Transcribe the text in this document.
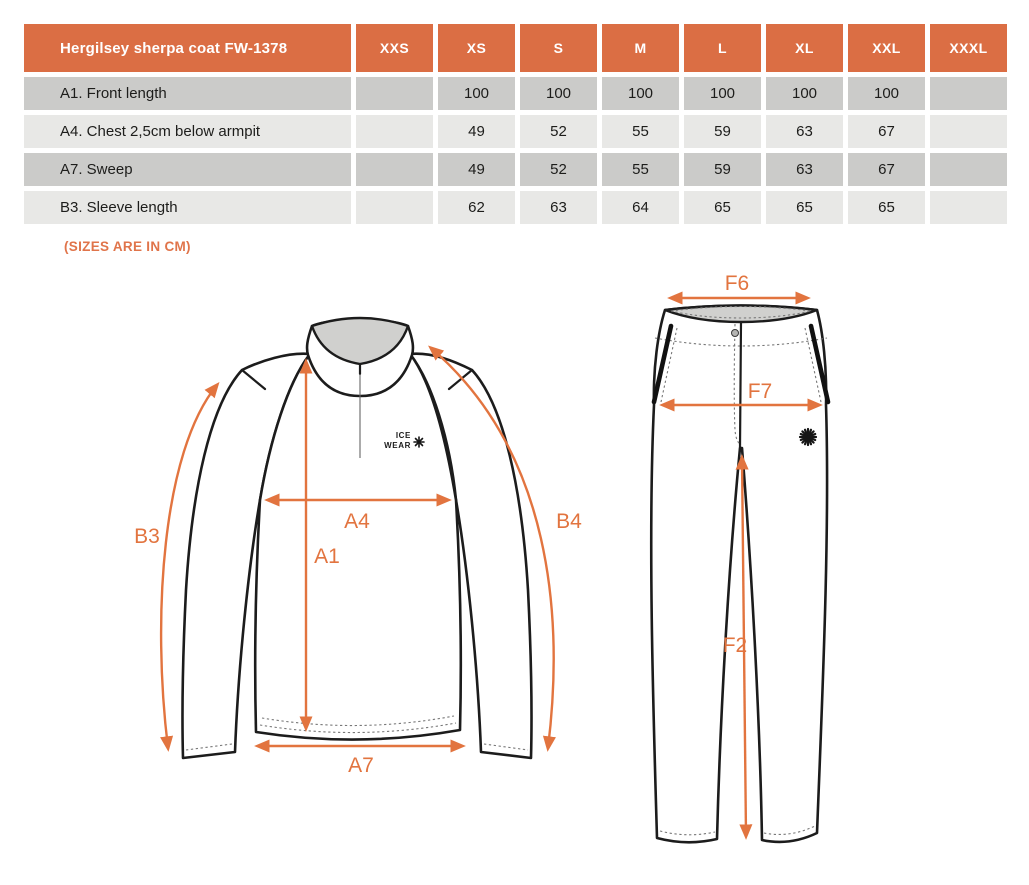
Hergilsey sherpa coat FW-1378	XXS	XS	S	M	L	XL	XXL	XXXL
A1. Front length		100	100	100	100	100	100	
A4. Chest 2,5cm below armpit		49	52	55	59	63	67	
A7. Sweep		49	52	55	59	63	67	
B3. Sleeve length		62	63	64	65	65	65	
(SIZES ARE IN CM)
ICE
WEAR
A1
A4
A7
B3
B4
F6
F7
F2
